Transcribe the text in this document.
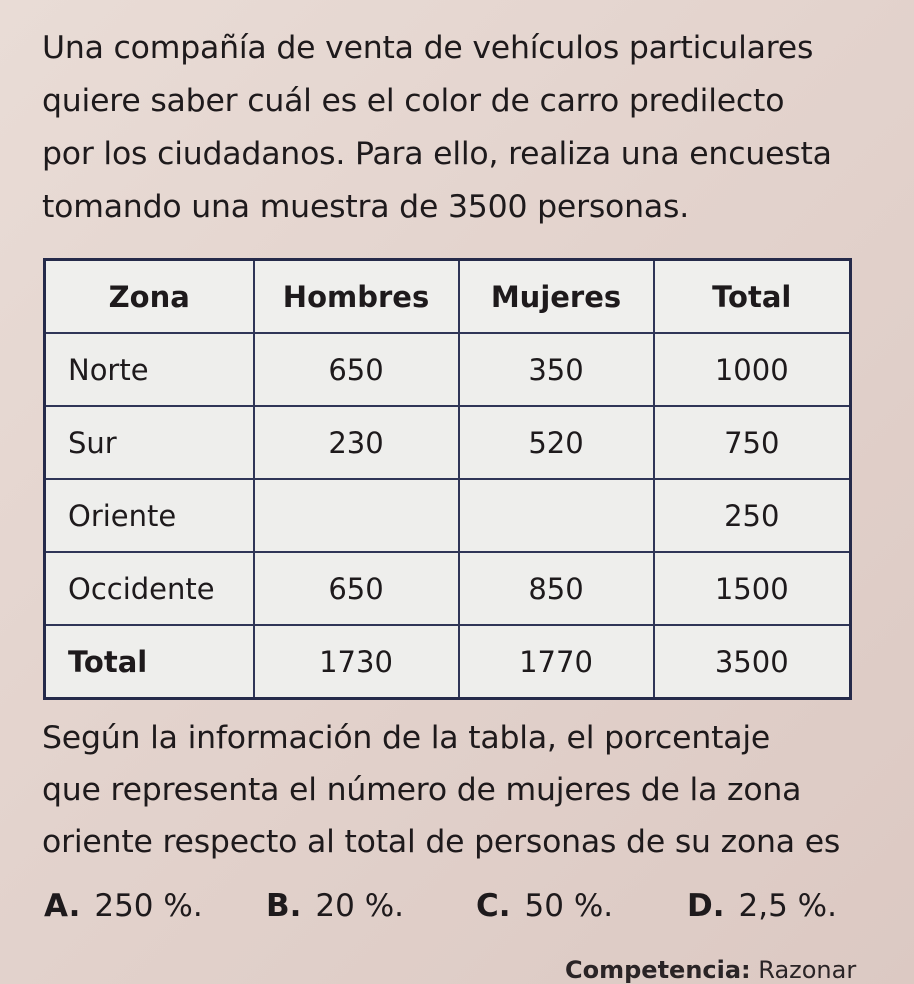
Una compañía de venta de vehículos particulares
quiere saber cuál es el color de carro predilecto
por los ciudadanos. Para ello, realiza una encuesta
tomando una muestra de 3500 personas.
Zona	Hombres	Mujeres	Total
Norte	650	350	1000
Sur	230	520	750
Oriente			250
Occidente	650	850	1500
Total	1730	1770	3500
Según la información de la tabla, el porcentaje
que representa el número de mujeres de la zona
oriente respecto al total de personas de su zona es
A. 250 %. B. 20 %. C. 50 %. D. 2,5 %.
Competencia: Razonar
